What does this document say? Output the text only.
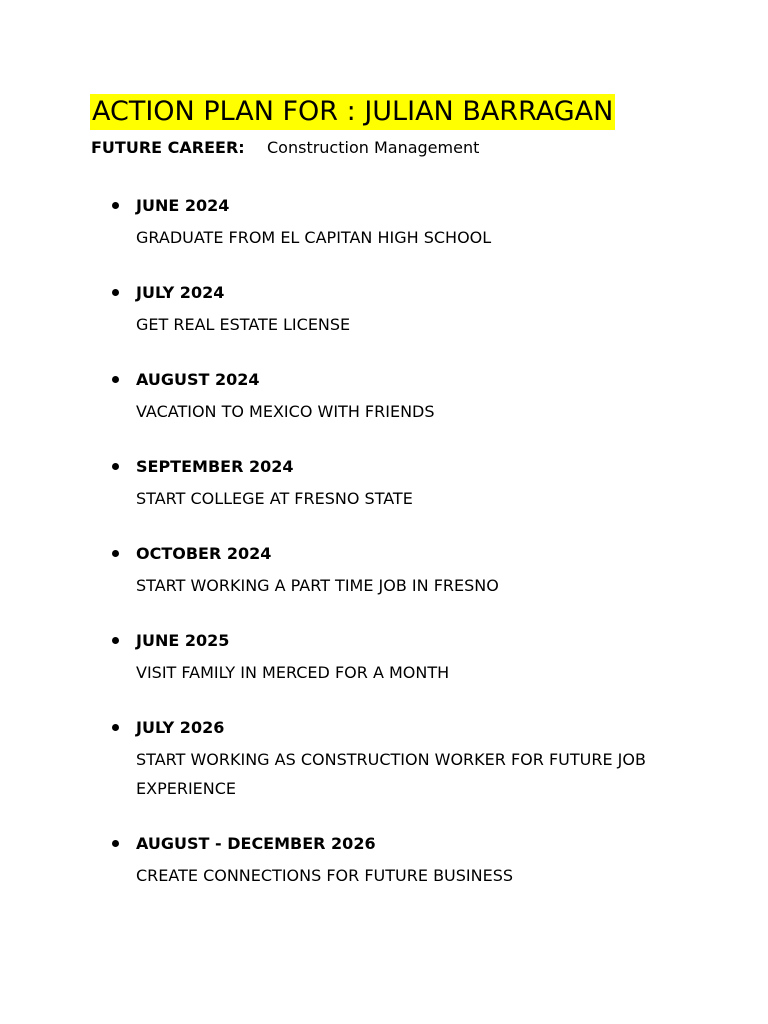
ACTION PLAN FOR : JULIAN BARRAGAN
FUTURE CAREER: Construction Management
JUNE 2024
GRADUATE FROM EL CAPITAN HIGH SCHOOL
JULY 2024
GET REAL ESTATE LICENSE
AUGUST 2024
VACATION TO MEXICO WITH FRIENDS
SEPTEMBER 2024
START COLLEGE AT FRESNO STATE
OCTOBER 2024
START WORKING A PART TIME JOB IN FRESNO
JUNE 2025
VISIT FAMILY IN MERCED FOR A MONTH
JULY 2026
START WORKING AS CONSTRUCTION WORKER FOR FUTURE JOB EXPERIENCE
AUGUST - DECEMBER 2026
CREATE CONNECTIONS FOR FUTURE BUSINESS
